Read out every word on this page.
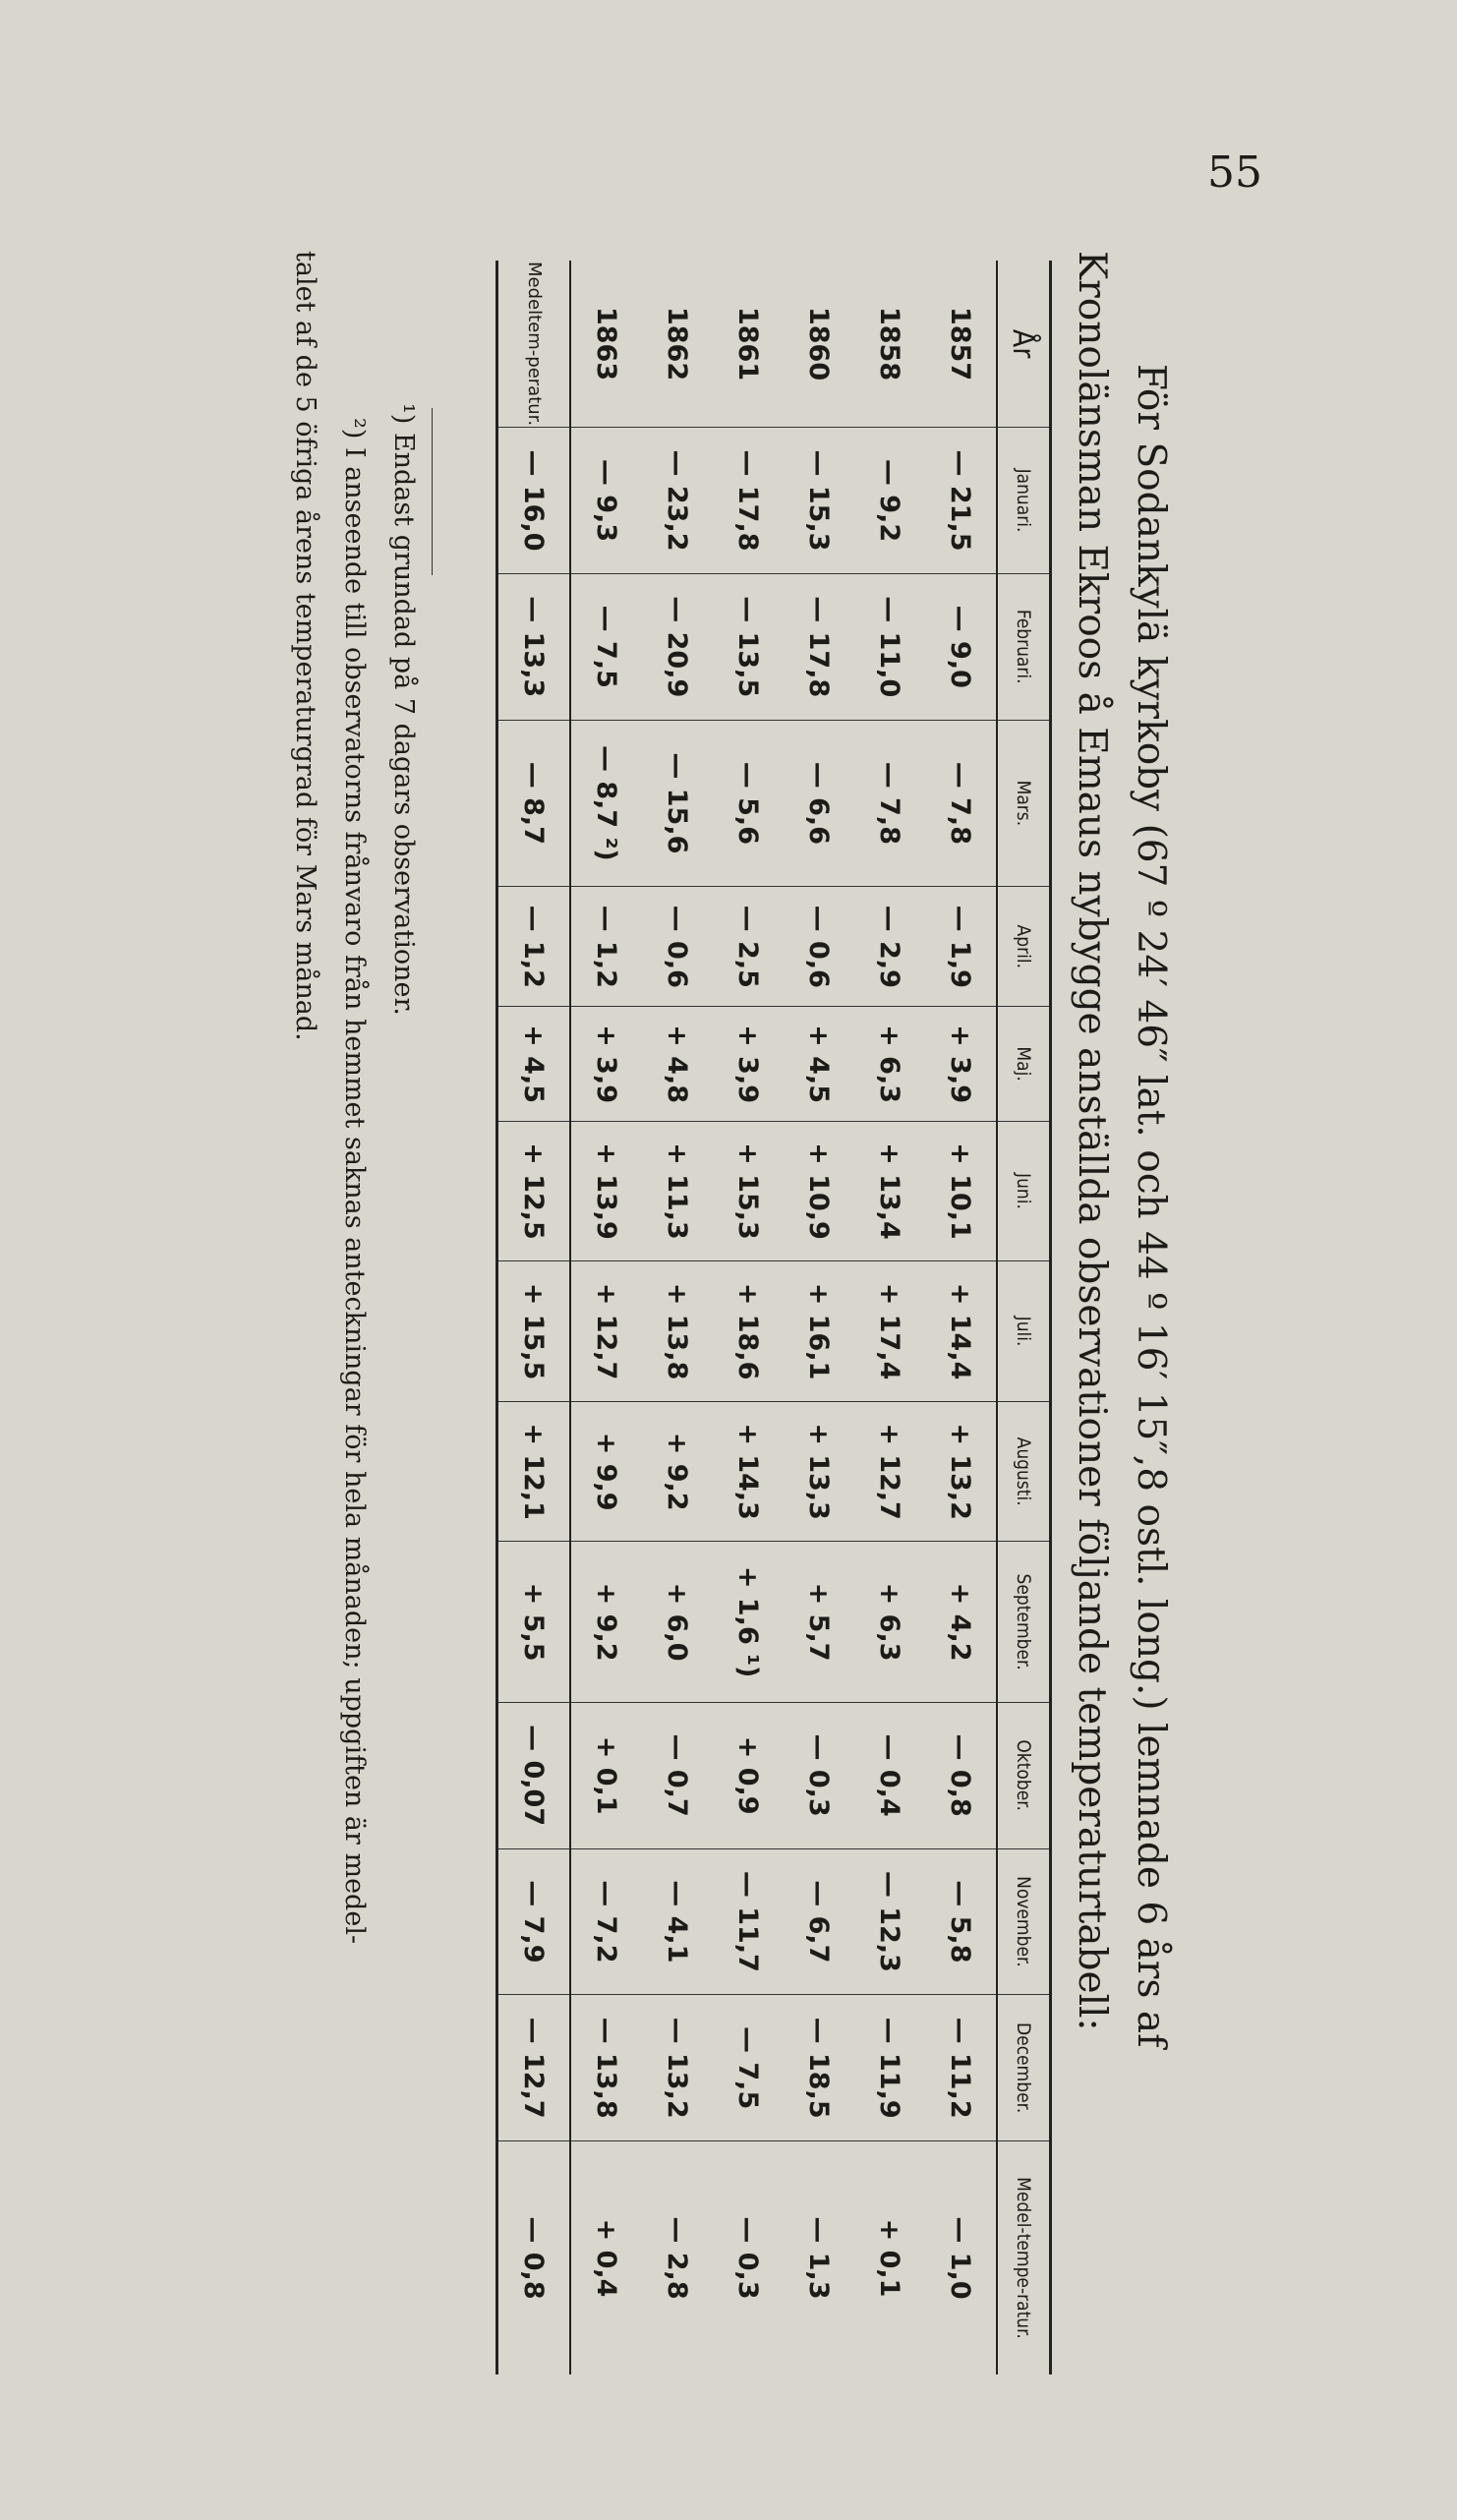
55
För Sodankylä kyrkoby (67 º 24′ 46″ lat. och 44 º 16′ 15″,8 ostl. long.) lemnade 6 års af
Kronolänsman Ekroos å Emaus nybygge anställda observationer följande temperaturtabell:
År	Januari.	Februari.	Mars.	April.	Maj.	Juni.	Juli.	Augusti.	September.	Oktober.	November.	December.	Medel-tempe-ratur.
1857	— 21,5	— 9,0	— 7,8	— 1,9	+ 3,9	+ 10,1	+ 14,4	+ 13,2	+ 4,2	— 0,8	— 5,8	— 11,2	— 1,0
1858	— 9,2	— 11,0	— 7,8	— 2,9	+ 6,3	+ 13,4	+ 17,4	+ 12,7	+ 6,3	— 0,4	— 12,3	— 11,9	+ 0,1
1860	— 15,3	— 17,8	— 6,6	— 0,6	+ 4,5	+ 10,9	+ 16,1	+ 13,3	+ 5,7	— 0,3	— 6,7	— 18,5	— 1,3
1861	— 17,8	— 13,5	— 5,6	— 2,5	+ 3,9	+ 15,3	+ 18,6	+ 14,3	+ 1,6 ¹)	+ 0,9	— 11,7	— 7,5	— 0,3
1862	— 23,2	— 20,9	— 15,6	— 0,6	+ 4,8	+ 11,3	+ 13,8	+ 9,2	+ 6,0	— 0,7	— 4,1	— 13,2	— 2,8
1863	— 9,3	— 7,5	— 8,7 ²)	— 1,2	+ 3,9	+ 13,9	+ 12,7	+ 9,9	+ 9,2	+ 0,1	— 7,2	— 13,8	+ 0,4
Medeltem-peratur.	— 16,0	— 13,3	— 8,7	— 1,2	+ 4,5	+ 12,5	+ 15,5	+ 12,1	+ 5,5	— 0,07	— 7,9	— 12,7	— 0,8
¹) Endast grundad på 7 dagars observationer.
²) I anseende till observatorns frånvaro från hemmet saknas anteckningar för hela månaden; uppgiften är medel-
talet af de 5 öfriga årens temperaturgrad för Mars månad.
